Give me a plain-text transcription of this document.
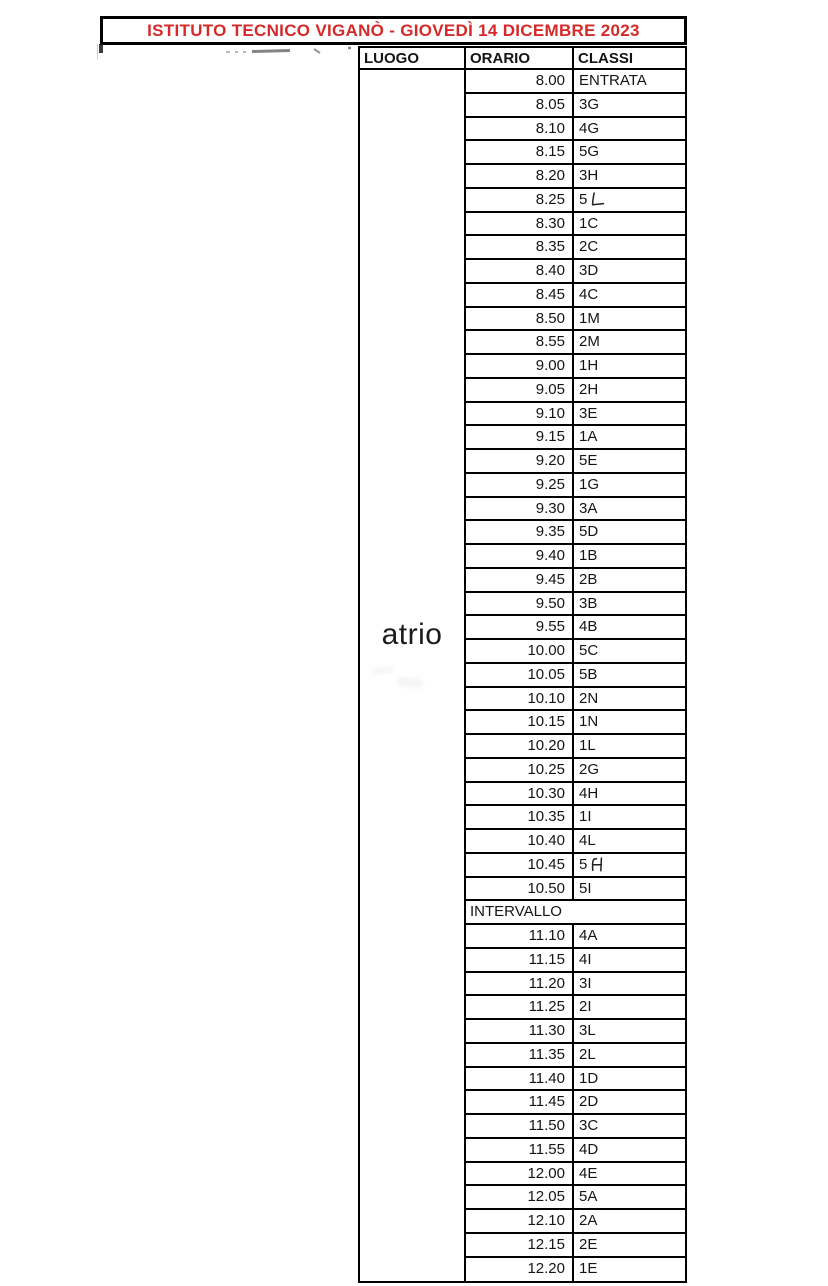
ISTITUTO TECNICO VIGANÒ - GIOVEDÌ 14 DICEMBRE 2023
LUOGO	ORARIO	CLASSI
atrio
8.00 ENTRATA
8.05 3G
8.10 4G
8.15 5G
8.20 3H
8.25 5
8.30 1C
8.35 2C
8.40 3D
8.45 4C
8.50 1M
8.55 2M
9.00 1H
9.05 2H
9.10 3E
9.15 1A
9.20 5E
9.25 1G
9.30 3A
9.35 5D
9.40 1B
9.45 2B
9.50 3B
9.55 4B
10.00 5C
10.05 5B
10.10 2N
10.15 1N
10.20 1L
10.25 2G
10.30 4H
10.35 1I
10.40 4L
10.45 5
10.50 5I
INTERVALLO
11.10 4A
11.15 4I
11.20 3I
11.25 2I
11.30 3L
11.35 2L
11.40 1D
11.45 2D
11.50 3C
11.55 4D
12.00 4E
12.05 5A
12.10 2A
12.15 2E
12.20 1E
